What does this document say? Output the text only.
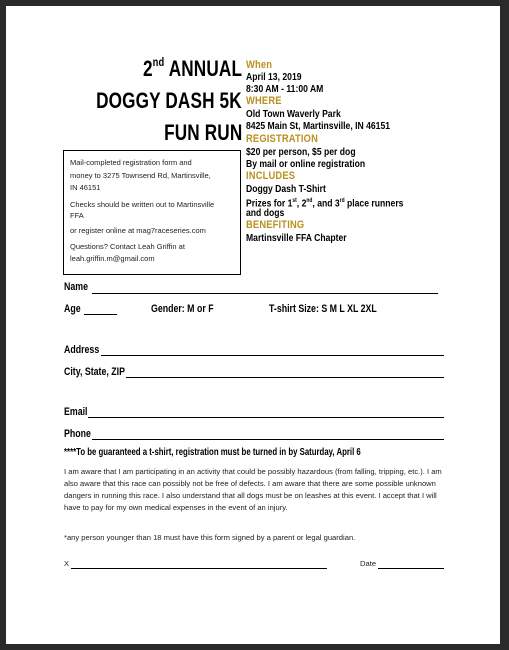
2nd ANNUAL
DOGGY DASH 5K
FUN RUN
When
April 13, 2019
8:30 AM - 11:00 AM
WHERE
Old Town Waverly Park
8425 Main St, Martinsville, IN 46151
REGISTRATION
$20 per person, $5 per dog
By mail or online registration
INCLUDES
Doggy Dash T-Shirt
Prizes for 1st, 2nd, and 3rd place runners
and dogs
BENEFITING
Martinsville FFA Chapter
Mail-completed registration form and
money to 3275 Townsend Rd, Martinsville,
IN 46151
Checks should be written out to Martinsville
FFA
or register online at mag7raceseries.com
Questions? Contact Leah Griffin at
leah.griffin.m@gmail.com
Name
Age	Gender: M or F	T-shirt Size: S M L XL 2XL
Address
City, State, ZIP
Email
Phone
****To be guaranteed a t-shirt, registration must be turned in by Saturday, April 6
I am aware that I am participating in an activity that could be possibly hazardous (from falling, tripping, etc.). I am also aware that this race can possibly not be free of defects. I am aware that there are some possible unknown dangers in running this race. I also understand that all dogs must be on leashes at this event. I accept that I will have to pay for my own medical expenses in the event of an injury.
*any person younger than 18 must have this form signed by a parent or legal guardian.
X	Date
